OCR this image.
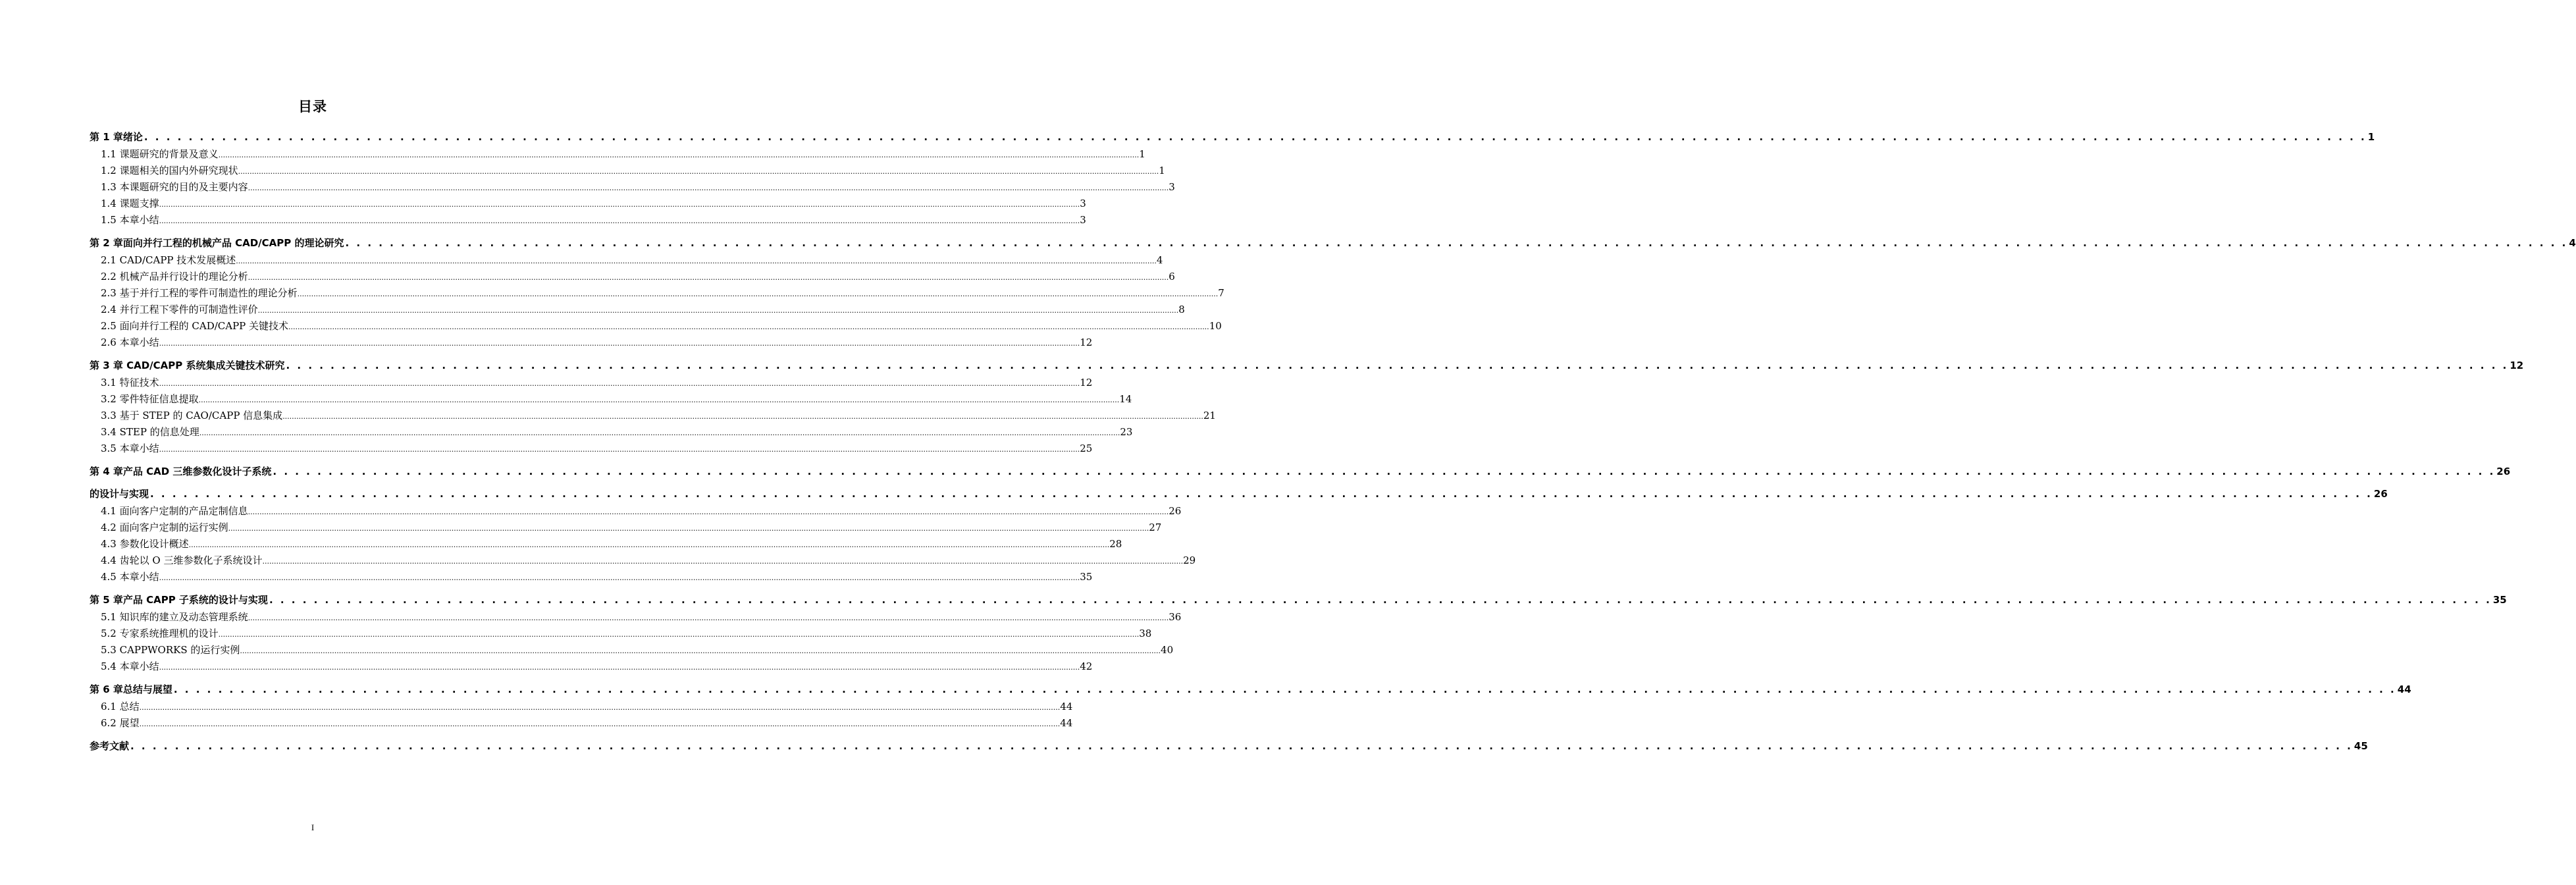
目录
第 1 章绪论 . . . . . . . . . . . . . . . . . . . . . . . . . . . . . . . . . . . . . . . . . . . . . . . . . . . . . . . . . . . . . . . . . . . . . . . . . . . . . . . . . . . . . . . . . . . . . . . . . . . . . . . . . . . . . . . . . . . . . . . . . . . . . . . . . . . . . . . . . . . . . . . . . . . . . . . . . . . . . . . . . . . . . . . . . . . . . . . . . . . . . . . . . . . . . . . . . . . . . . . . 1
1.1 课题研究的背景及意义 ................................................................................................................................................................................................................................................................................................................................................................................................................ 1
1.2 课题相关的国内外研究现状 ................................................................................................................................................................................................................................................................................................................................................................................................................ 1
1.3 本课题研究的目的及主要内容 ................................................................................................................................................................................................................................................................................................................................................................................................................ 3
1.4 课题支撑 ................................................................................................................................................................................................................................................................................................................................................................................................................ 3
1.5 本章小结 ................................................................................................................................................................................................................................................................................................................................................................................................................ 3
第 2 章面向并行工程的机械产品 CAD/CAPP 的理论研究 . . . . . . . . . . . . . . . . . . . . . . . . . . . . . . . . . . . . . . . . . . . . . . . . . . . . . . . . . . . . . . . . . . . . . . . . . . . . . . . . . . . . . . . . . . . . . . . . . . . . . . . . . . . . . . . . . . . . . . . . . . . . . . . . . . . . . . . . . . . . . . . . . . . . . . . . . . . . . . . . . . . . . . . . . . . . . . . . . . . . . . . . . . . . . . . . . . . . . . . . 4
2.1 CAD/CAPP 技术发展概述 ................................................................................................................................................................................................................................................................................................................................................................................................................ 4
2.2 机械产品并行设计的理论分析 ................................................................................................................................................................................................................................................................................................................................................................................................................ 6
2.3 基于并行工程的零件可制造性的理论分析 ................................................................................................................................................................................................................................................................................................................................................................................................................ 7
2.4 并行工程下零件的可制造性评价 ................................................................................................................................................................................................................................................................................................................................................................................................................ 8
2.5 面向并行工程的 CAD/CAPP 关键技术 ................................................................................................................................................................................................................................................................................................................................................................................................................ 10
2.6 本章小结 ................................................................................................................................................................................................................................................................................................................................................................................................................ 12
第 3 章 CAD/CAPP 系统集成关键技术研究 . . . . . . . . . . . . . . . . . . . . . . . . . . . . . . . . . . . . . . . . . . . . . . . . . . . . . . . . . . . . . . . . . . . . . . . . . . . . . . . . . . . . . . . . . . . . . . . . . . . . . . . . . . . . . . . . . . . . . . . . . . . . . . . . . . . . . . . . . . . . . . . . . . . . . . . . . . . . . . . . . . . . . . . . . . . . . . . . . . . . . . . . . . . . . . . . . . . . . . . . 12
3.1 特征技术 ................................................................................................................................................................................................................................................................................................................................................................................................................ 12
3.2 零件特征信息提取 ................................................................................................................................................................................................................................................................................................................................................................................................................ 14
3.3 基于 STEP 的 CAO/CAPP 信息集成 ................................................................................................................................................................................................................................................................................................................................................................................................................ 21
3.4 STEP 的信息处理 ................................................................................................................................................................................................................................................................................................................................................................................................................ 23
3.5 本章小结 ................................................................................................................................................................................................................................................................................................................................................................................................................ 25
第 4 章产品 CAD 三维参数化设计子系统 . . . . . . . . . . . . . . . . . . . . . . . . . . . . . . . . . . . . . . . . . . . . . . . . . . . . . . . . . . . . . . . . . . . . . . . . . . . . . . . . . . . . . . . . . . . . . . . . . . . . . . . . . . . . . . . . . . . . . . . . . . . . . . . . . . . . . . . . . . . . . . . . . . . . . . . . . . . . . . . . . . . . . . . . . . . . . . . . . . . . . . . . . . . . . . . . . . . . . . . . 26
的设计与实现 . . . . . . . . . . . . . . . . . . . . . . . . . . . . . . . . . . . . . . . . . . . . . . . . . . . . . . . . . . . . . . . . . . . . . . . . . . . . . . . . . . . . . . . . . . . . . . . . . . . . . . . . . . . . . . . . . . . . . . . . . . . . . . . . . . . . . . . . . . . . . . . . . . . . . . . . . . . . . . . . . . . . . . . . . . . . . . . . . . . . . . . . . . . . . . . . . . . . . . . . 26
4.1 面向客户定制的产品定制信息 ................................................................................................................................................................................................................................................................................................................................................................................................................ 26
4.2 面向客户定制的运行实例 ................................................................................................................................................................................................................................................................................................................................................................................................................ 27
4.3 参数化设计概述 ................................................................................................................................................................................................................................................................................................................................................................................................................ 28
4.4 齿轮以 O 三维参数化子系统设计 ................................................................................................................................................................................................................................................................................................................................................................................................................ 29
4.5 本章小结 ................................................................................................................................................................................................................................................................................................................................................................................................................ 35
第 5 章产品 CAPP 子系统的设计与实现 . . . . . . . . . . . . . . . . . . . . . . . . . . . . . . . . . . . . . . . . . . . . . . . . . . . . . . . . . . . . . . . . . . . . . . . . . . . . . . . . . . . . . . . . . . . . . . . . . . . . . . . . . . . . . . . . . . . . . . . . . . . . . . . . . . . . . . . . . . . . . . . . . . . . . . . . . . . . . . . . . . . . . . . . . . . . . . . . . . . . . . . . . . . . . . . . . . . . . . . . 35
5.1 知识库的建立及动态管理系统 ................................................................................................................................................................................................................................................................................................................................................................................................................ 36
5.2 专家系统推理机的设计 ................................................................................................................................................................................................................................................................................................................................................................................................................ 38
5.3 CAPPWORKS 的运行实例 ................................................................................................................................................................................................................................................................................................................................................................................................................ 40
5.4 本章小结 ................................................................................................................................................................................................................................................................................................................................................................................................................ 42
第 6 章总结与展望 . . . . . . . . . . . . . . . . . . . . . . . . . . . . . . . . . . . . . . . . . . . . . . . . . . . . . . . . . . . . . . . . . . . . . . . . . . . . . . . . . . . . . . . . . . . . . . . . . . . . . . . . . . . . . . . . . . . . . . . . . . . . . . . . . . . . . . . . . . . . . . . . . . . . . . . . . . . . . . . . . . . . . . . . . . . . . . . . . . . . . . . . . . . . . . . . . . . . . . . . 44
6.1 总结 ................................................................................................................................................................................................................................................................................................................................................................................................................ 44
6.2 展望 ................................................................................................................................................................................................................................................................................................................................................................................................................ 44
参考文献 . . . . . . . . . . . . . . . . . . . . . . . . . . . . . . . . . . . . . . . . . . . . . . . . . . . . . . . . . . . . . . . . . . . . . . . . . . . . . . . . . . . . . . . . . . . . . . . . . . . . . . . . . . . . . . . . . . . . . . . . . . . . . . . . . . . . . . . . . . . . . . . . . . . . . . . . . . . . . . . . . . . . . . . . . . . . . . . . . . . . . . . . . . . . . . . . . . . . . . . . 45
I
